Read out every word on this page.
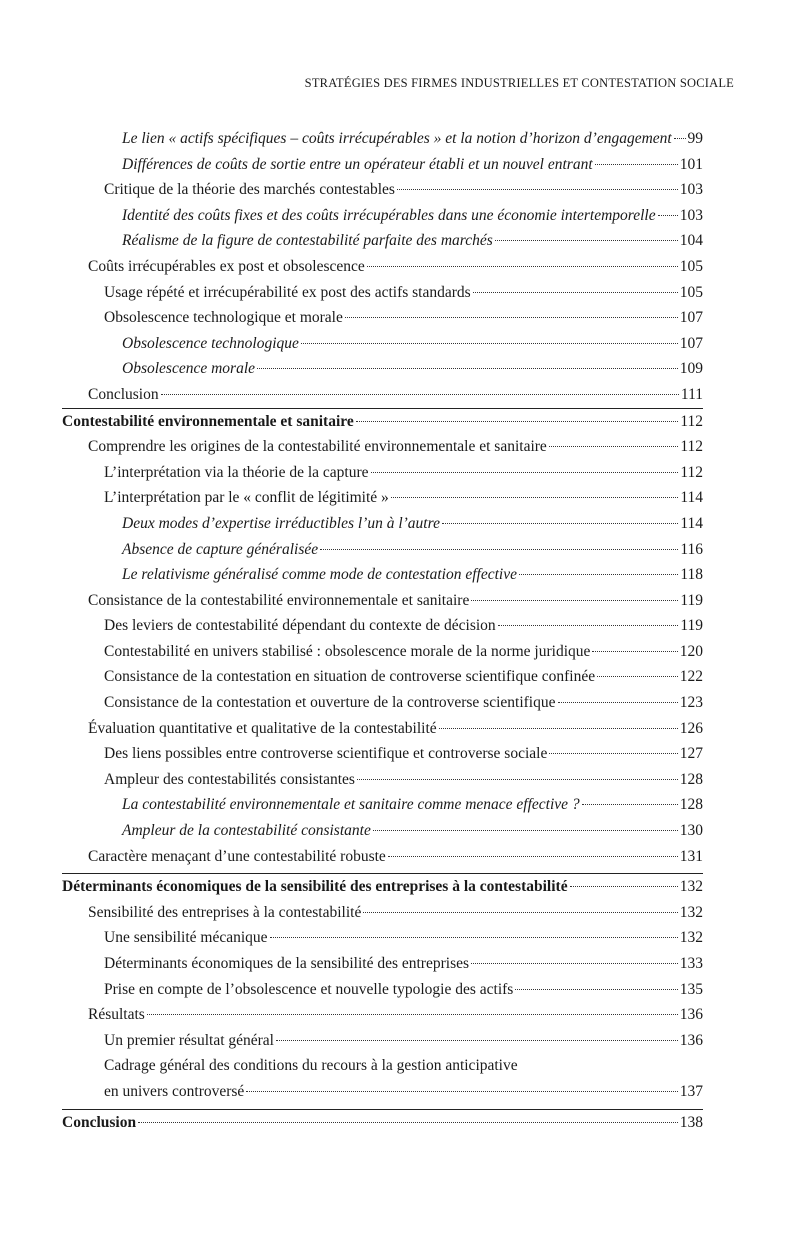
STRATÉGIES DES FIRMES INDUSTRIELLES ET CONTESTATION SOCIALE
Le lien « actifs spécifiques – coûts irrécupérables » et la notion d’horizon d’engagement 99
Différences de coûts de sortie entre un opérateur établi et un nouvel entrant	101
Critique de la théorie des marchés contestables	103
Identité des coûts fixes et des coûts irrécupérables dans une économie intertemporelle 103
Réalisme de la figure de contestabilité parfaite des marchés	104
Coûts irrécupérables ex post et obsolescence	105
Usage répété et irrécupérabilité ex post des actifs standards	105
Obsolescence technologique et morale	107
Obsolescence technologique	107
Obsolescence morale	109
Conclusion	111
Contestabilité environnementale et sanitaire	112
Comprendre les origines de la contestabilité environnementale et sanitaire	112
L’interprétation via la théorie de la capture	112
L’interprétation par le « conflit de légitimité »	114
Deux modes d’expertise irréductibles l’un à l’autre	114
Absence de capture généralisée	116
Le relativisme généralisé comme mode de contestation effective	118
Consistance de la contestabilité environnementale et sanitaire	119
Des leviers de contestabilité dépendant du contexte de décision	119
Contestabilité en univers stabilisé : obsolescence morale de la norme juridique	120
Consistance de la contestation en situation de controverse scientifique confinée	122
Consistance de la contestation et ouverture de la controverse scientifique	123
Évaluation quantitative et qualitative de la contestabilité	126
Des liens possibles entre controverse scientifique et controverse sociale	127
Ampleur des contestabilités consistantes	128
La contestabilité environnementale et sanitaire comme menace effective ?	128
Ampleur de la contestabilité consistante	130
Caractère menaçant d’une contestabilité robuste	131
Déterminants économiques de la sensibilité des entreprises à la contestabilité	132
Sensibilité des entreprises à la contestabilité	132
Une sensibilité mécanique	132
Déterminants économiques de la sensibilité des entreprises	133
Prise en compte de l’obsolescence et nouvelle typologie des actifs	135
Résultats	136
Un premier résultat général	136
Cadrage général des conditions du recours à la gestion anticipative
en univers controversé	137
Conclusion	138
